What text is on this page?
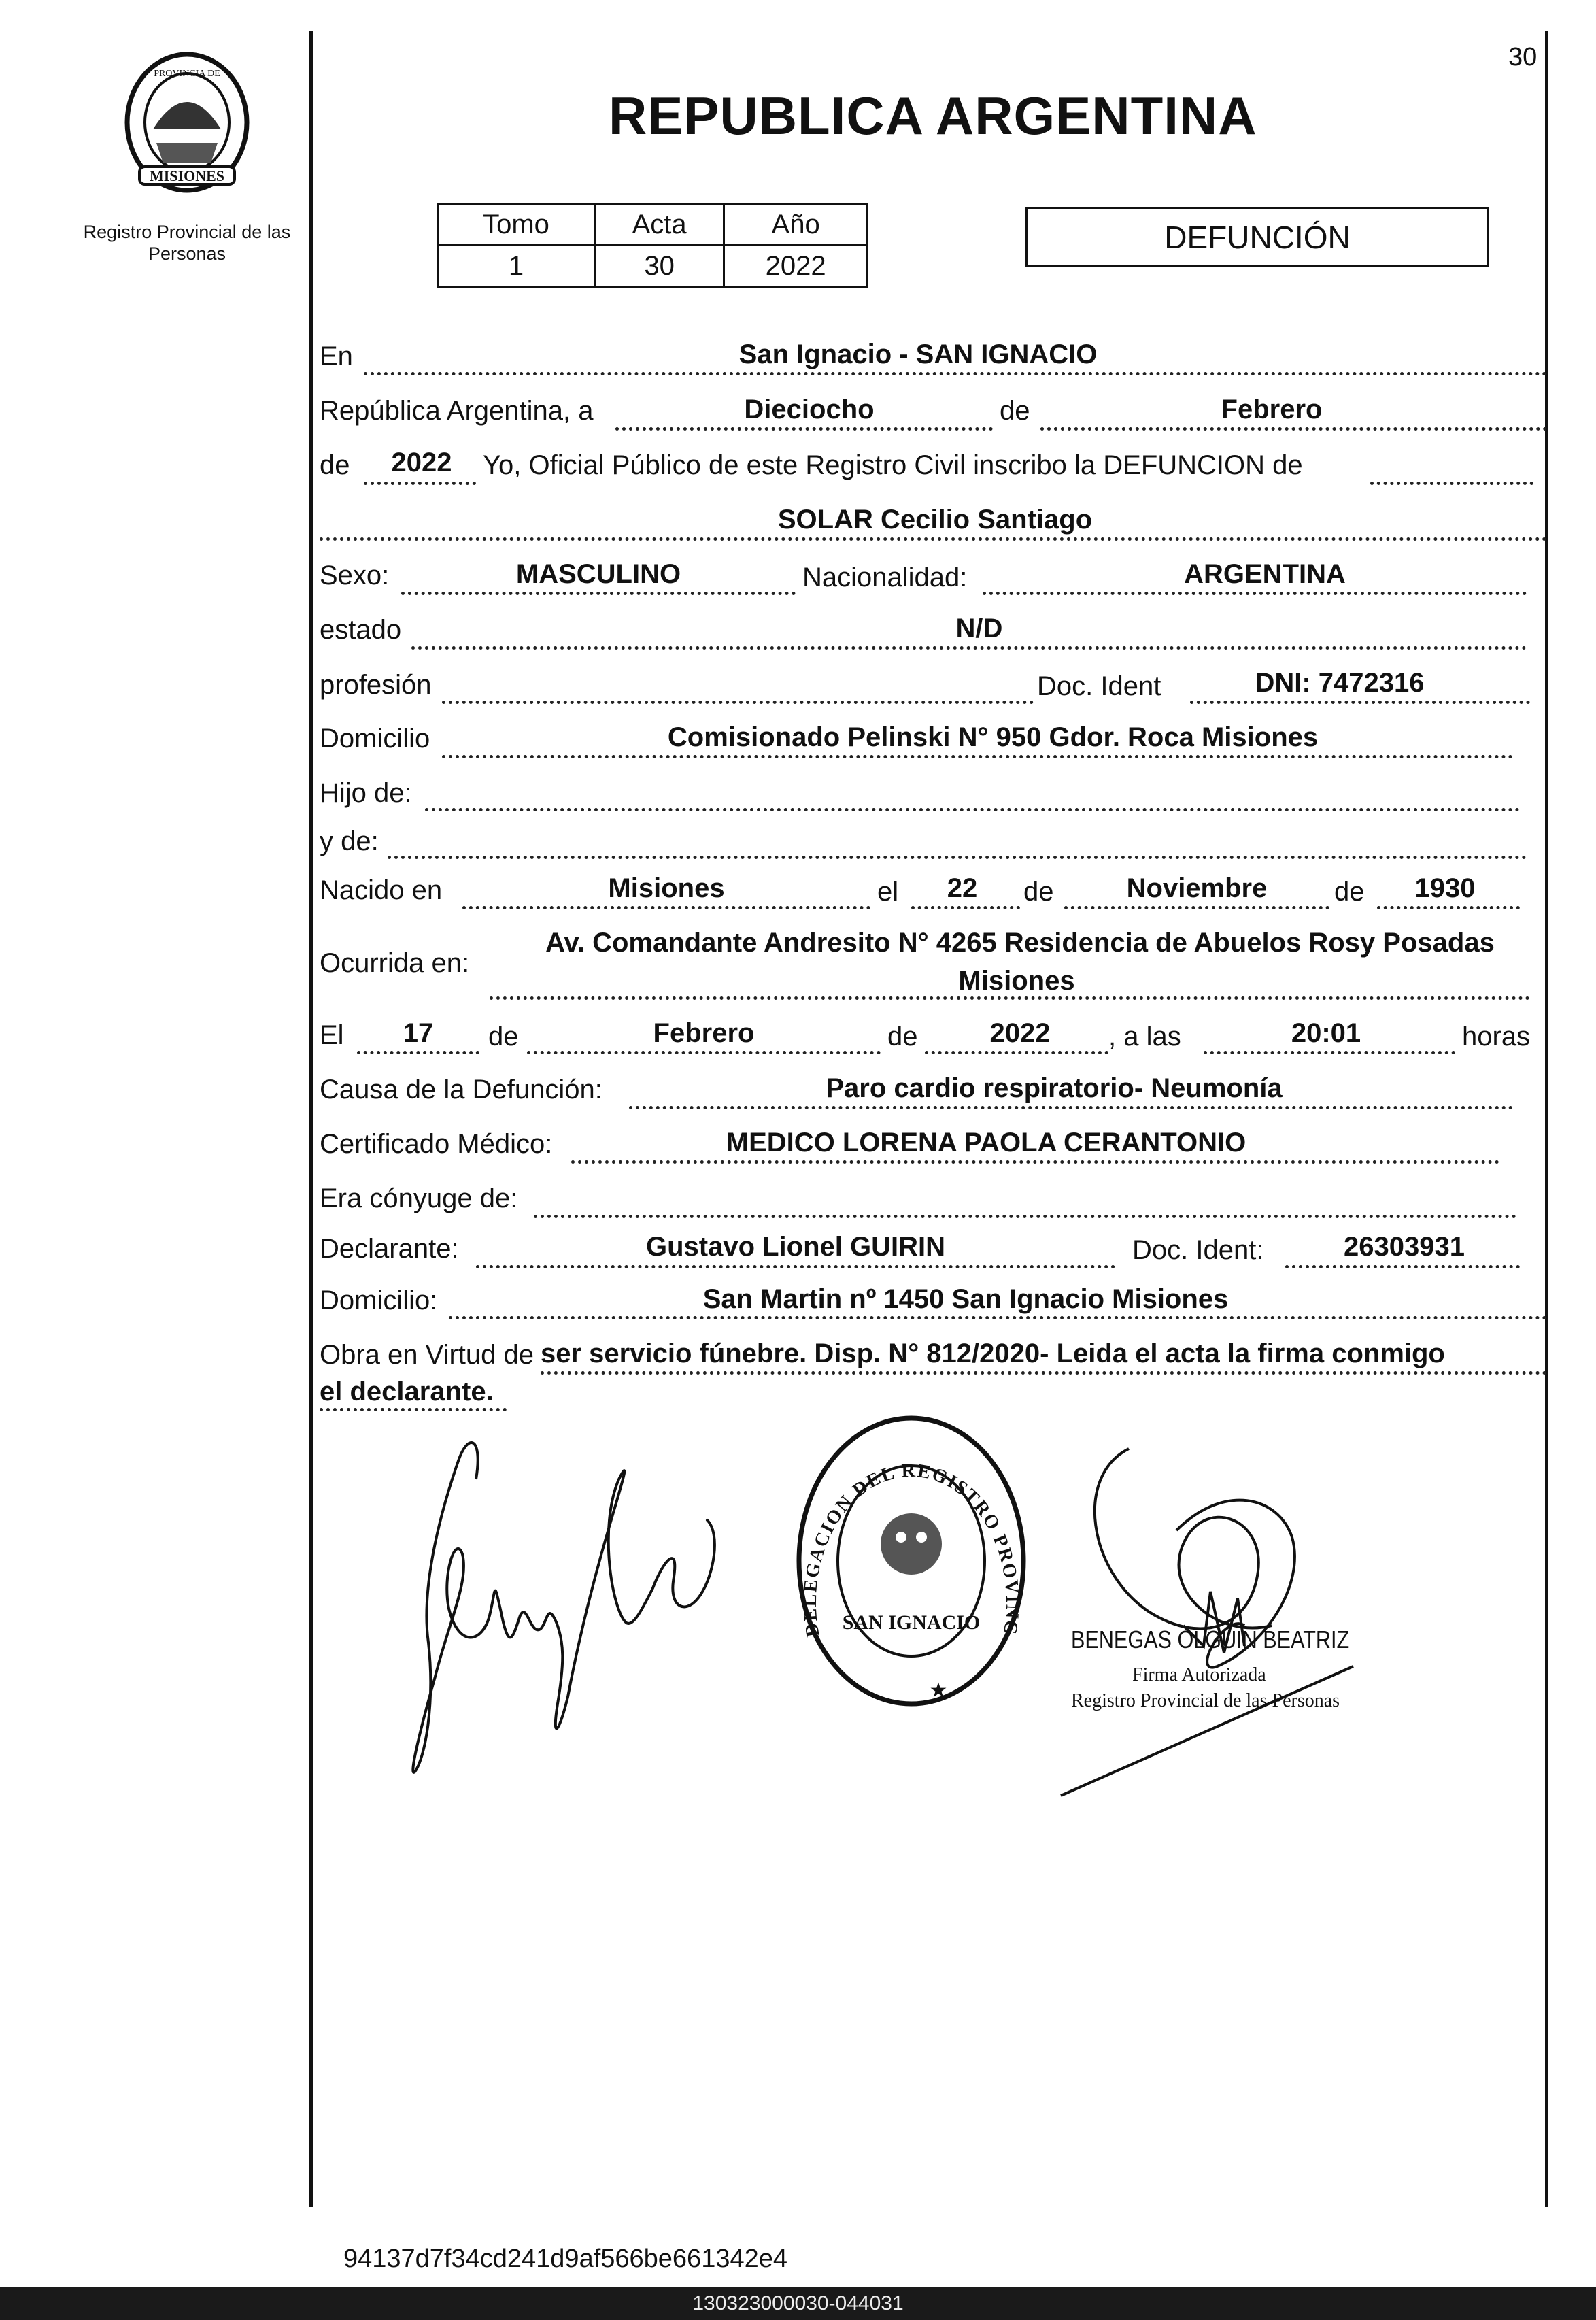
30
MISIONES
PROVINCIA DE
Registro Provincial de las Personas
REPUBLICA ARGENTINA
Tomo	Acta	Año
1	30	2022
DEFUNCIÓN
En	San Ignacio - SAN IGNACIO
República Argentina, a	Dieciocho	de	Febrero
de	2022	Yo, Oficial Público de este Registro Civil inscribo la DEFUNCION de
SOLAR Cecilio Santiago
Sexo:	MASCULINO	Nacionalidad:	ARGENTINA
estado	N/D
profesión	Doc. Ident	DNI: 7472316
Domicilio	Comisionado Pelinski N° 950 Gdor. Roca Misiones
Hijo de:
y de:
Nacido en	Misiones	el	22	de	Noviembre	de	1930
Av. Comandante Andresito N° 4265 Residencia de Abuelos Rosy Posadas
Ocurrida en:
Misiones
El	17	de	Febrero	de	2022	, a las	20:01	horas
Causa de la Defunción:	Paro cardio respiratorio- Neumonía
Certificado Médico:	MEDICO LORENA PAOLA CERANTONIO
Era cónyuge de:
Declarante:	Gustavo Lionel GUIRIN	Doc. Ident:	26303931
Domicilio:	San Martin nº 1450 San Ignacio Misiones
Obra en Virtud de ser servicio fúnebre. Disp. N° 812/2020- Leida el acta la firma conmigo
el declarante.
DELEGACION DEL REGISTRO PROVINC
SAN IGNACIO
★
BENEGAS OLGUIN BEATRIZ
Firma Autorizada
Registro Provincial de las Personas
94137d7f34cd241d9af566be661342e4
130323000030-044031
